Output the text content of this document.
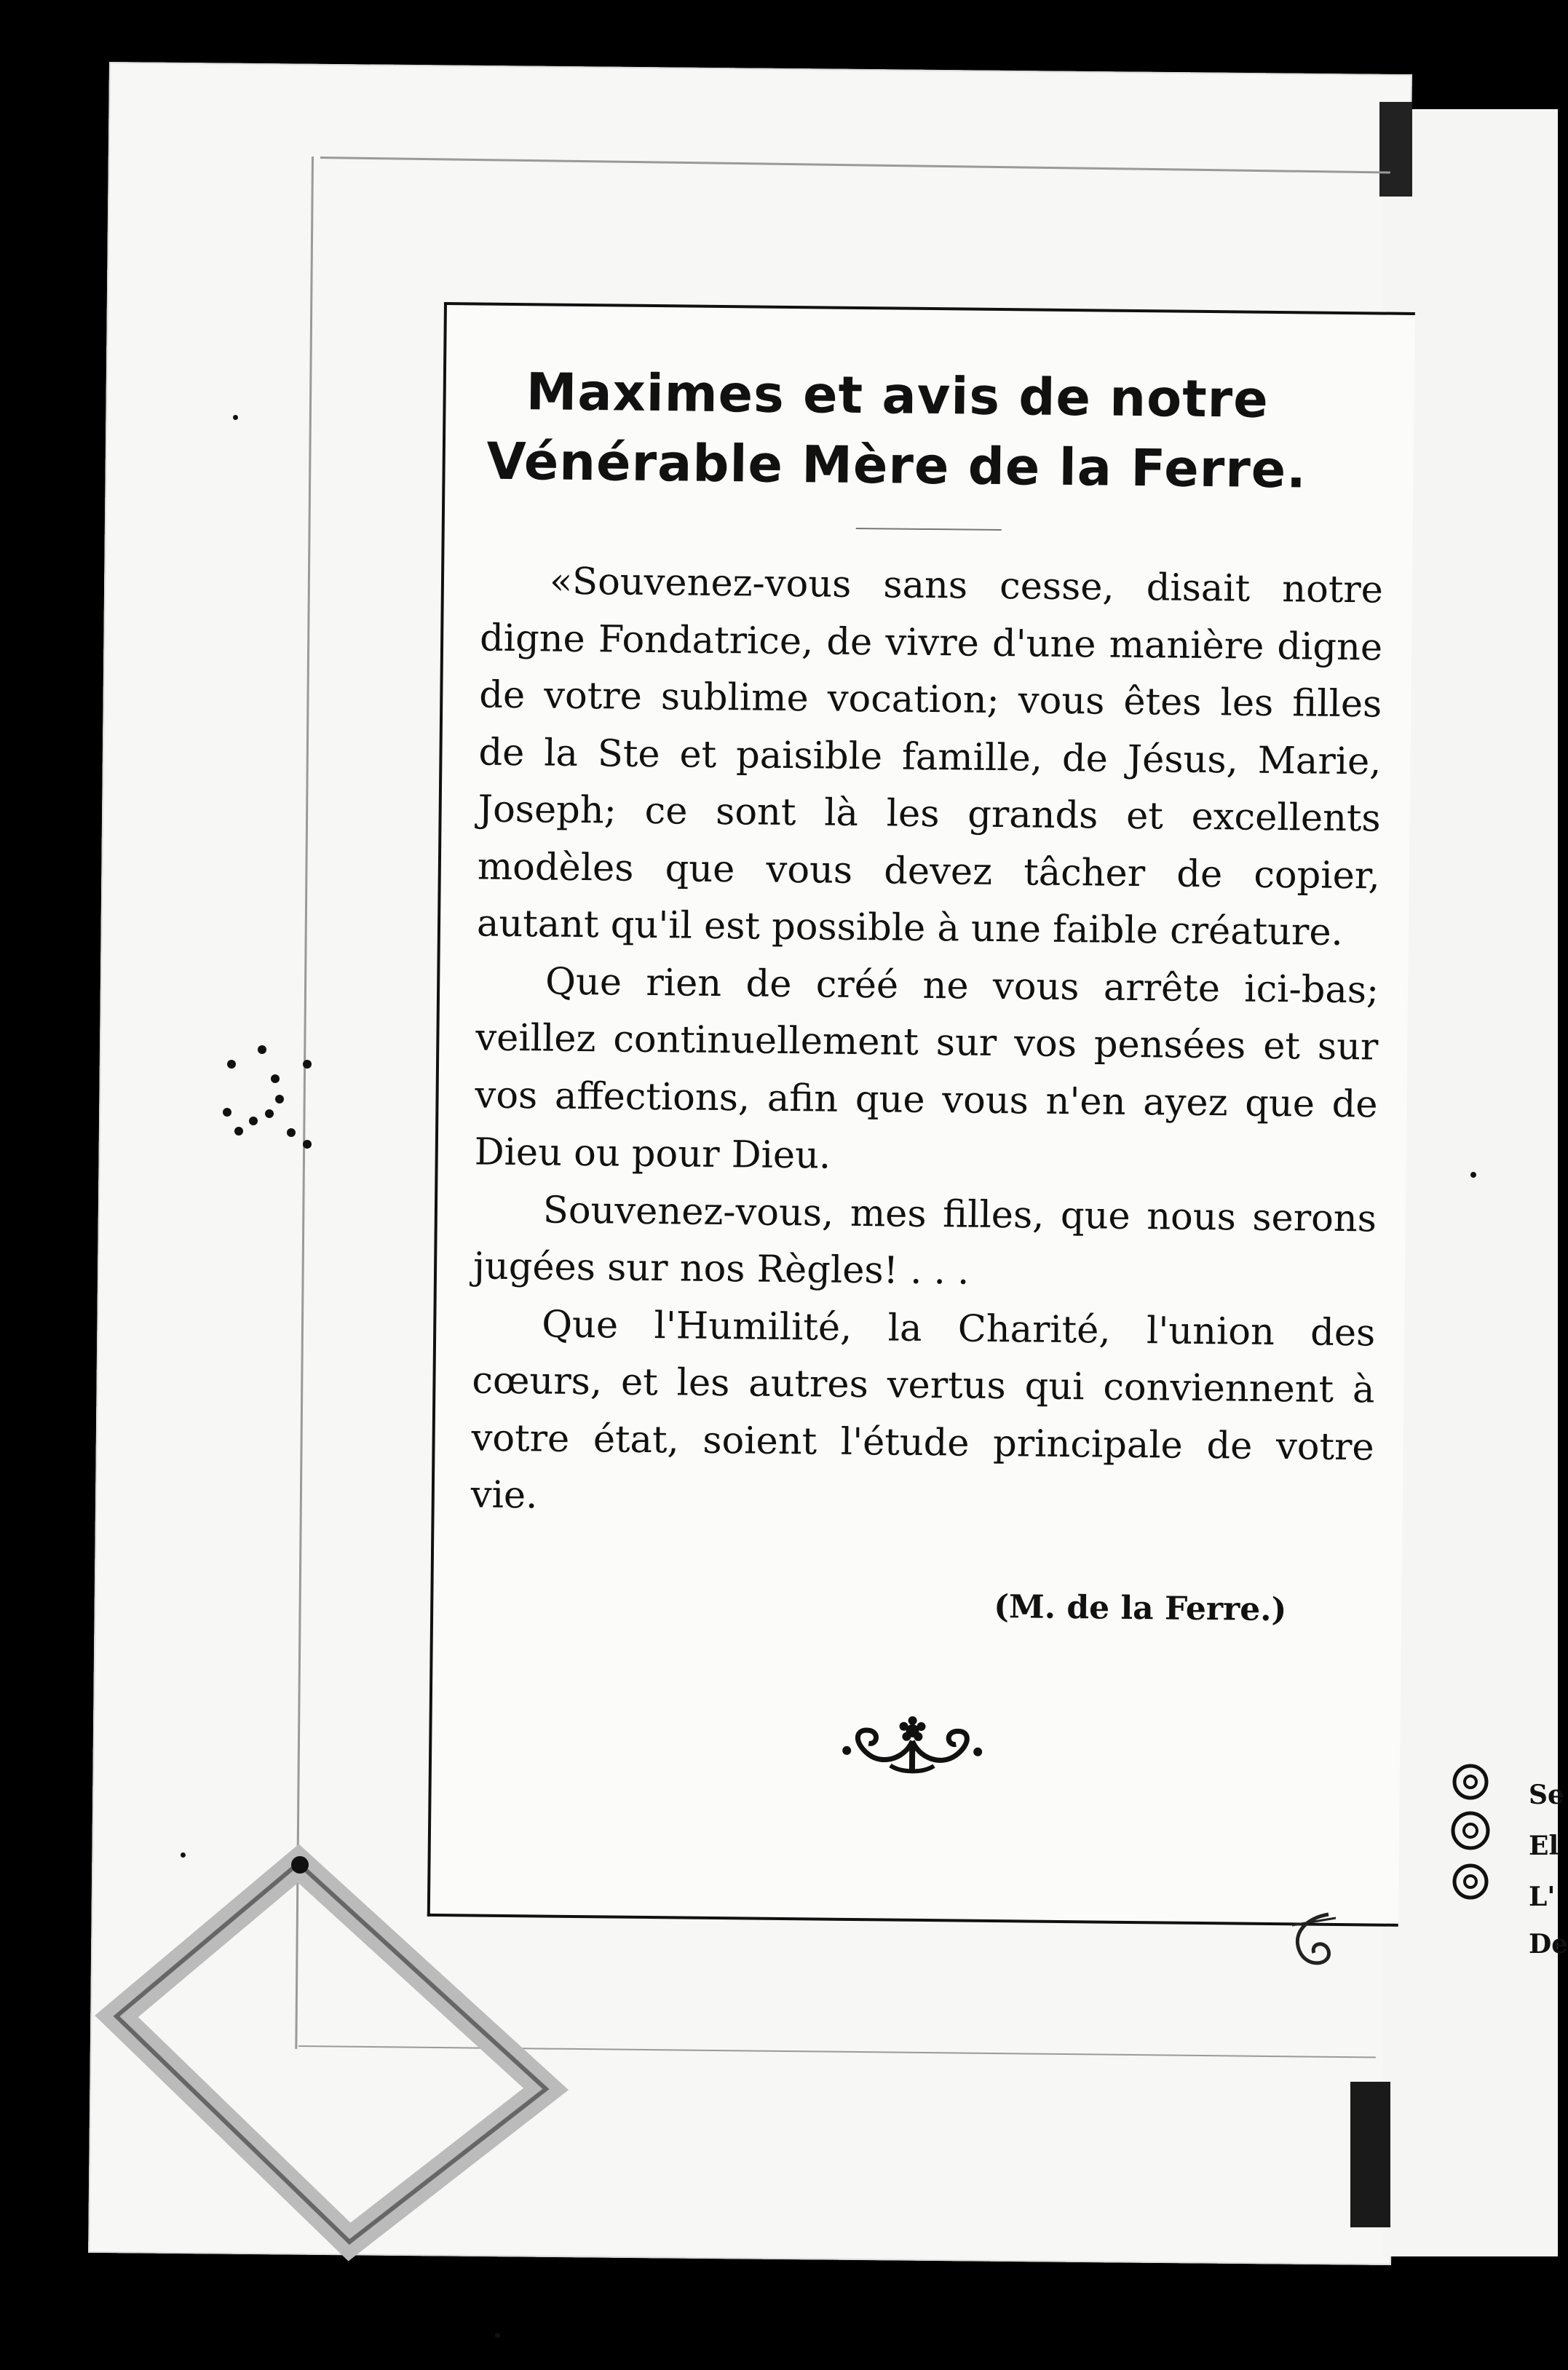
Maximes et avis de notre
Vénérable Mère de la Ferre.

«Souvenez-vous sans cesse, disait notre digne Fondatrice, de vivre d'une manière digne de votre sublime vocation; vous êtes les filles de la Ste et paisible famille, de Jésus, Marie, Joseph; ce sont là les grands et excellents modèles que vous devez tâcher de copier, autant qu'il est possible à une faible créature.

Que rien de créé ne vous arrête ici-bas; veillez continuellement sur vos pensées et sur vos affections, afin que vous n'en ayez que de Dieu ou pour Dieu.

Souvenez-vous, mes filles, que nous serons jugées sur nos Règles! . . .

Que l'Humilité, la Charité, l'union des cœurs, et les autres vertus qui conviennent à votre état, soient l'étude principale de votre vie.

(M. de la Ferre.)
Se
El
L'
De
